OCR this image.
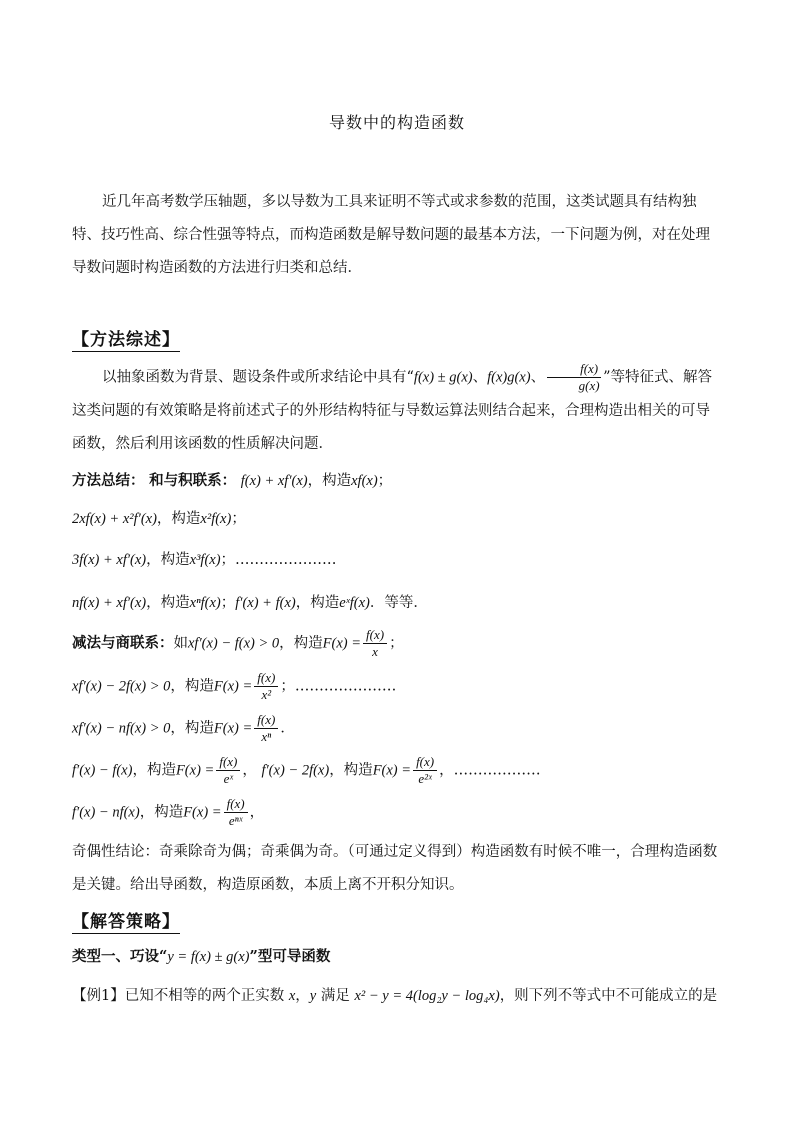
导数中的构造函数
近几年高考数学压轴题，多以导数为工具来证明不等式或求参数的范围，这类试题具有结构独特、技巧性高、综合性强等特点，而构造函数是解导数问题的最基本方法，一下问题为例，对在处理导数问题时构造函数的方法进行归类和总结．
【方法综述】
以抽象函数为背景、题设条件或所求结论中具有“f(x) ± g(x)、f(x)g(x)、 $\frac{f(x)}{g(x)}$ ”等特征式、解答这类问题的有效策略是将前述式子的外形结构特征与导数运算法则结合起来，合理构造出相关的可导函数，然后利用该函数的性质解决问题．
方法总结： 和与积联系： f(x) + xf′(x)，构造xf(x)；
2xf(x) + x²f′(x)，构造x²f(x)；
3f(x) + xf′(x)，构造x³f(x)；…………………
nf(x) + xf′(x)，构造xⁿf(x)；f′(x) + f(x)，构造eˣf(x)．等等．
减法与商联系：如xf′(x) − f(x) > 0，构造$F(x) = \frac{f(x)}{x}$ ；
xf′(x) − 2f(x) > 0，构造$F(x) = \frac{f(x)}{\text{x²}}$ ；…………………
xf′(x) − nf(x) > 0，构造$F(x) = \frac{f(x)}{\text{xⁿ}}$ ．
f′(x) − f(x)，构造$F(x) = \frac{f(x)}{\text{eˣ}}$ ， f′(x) − 2f(x)，构造$F(x) = \frac{f(x)}{\text{e²ˣ}}$ ，………………
f′(x) − nf(x)，构造$F(x) = \frac{f(x)}{\text{eⁿˣ}}$ ，
奇偶性结论：奇乘除奇为偶；奇乘偶为奇。（可通过定义得到）构造函数有时候不唯一，合理构造函数是关键。给出导函数，构造原函数，本质上离不开积分知识。
【解答策略】
类型一、巧设“y = f(x) ± g(x)”型可导函数
【例1】已知不相等的两个正实数 x，y 满足 x² − y = 4(log₂y − log₄x)，则下列不等式中不可能成立的是
